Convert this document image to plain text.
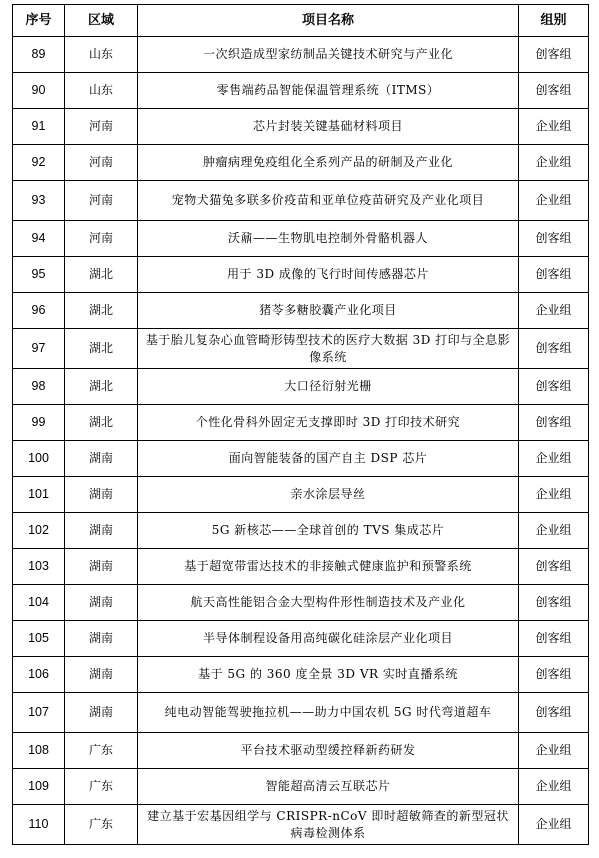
序号	区域	项目名称	组别
89	山东	一次织造成型家纺制品关键技术研究与产业化	创客组
90	山东	零售端药品智能保温管理系统（ITMS）	创客组
91	河南	芯片封装关键基础材料项目	企业组
92	河南	肿瘤病理免疫组化全系列产品的研制及产业化	企业组
93	河南	宠物犬猫兔多联多价疫苗和亚单位疫苗研究及产业化项目	企业组
94	河南	沃鼐——生物肌电控制外骨骼机器人	创客组
95	湖北	用于 3D 成像的飞行时间传感器芯片	创客组
96	湖北	猪苓多糖胶囊产业化项目	企业组
97	湖北	基于胎儿复杂心血管畸形铸型技术的医疗大数据 3D 打印与全息影像系统	创客组
98	湖北	大口径衍射光栅	创客组
99	湖北	个性化骨科外固定无支撑即时 3D 打印技术研究	创客组
100	湖南	面向智能装备的国产自主 DSP 芯片	企业组
101	湖南	亲水涂层导丝	企业组
102	湖南	5G 新核芯——全球首创的 TVS 集成芯片	企业组
103	湖南	基于超宽带雷达技术的非接触式健康监护和预警系统	创客组
104	湖南	航天高性能铝合金大型构件形性制造技术及产业化	创客组
105	湖南	半导体制程设备用高纯碳化硅涂层产业化项目	创客组
106	湖南	基于 5G 的 360 度全景 3D VR 实时直播系统	创客组
107	湖南	纯电动智能驾驶拖拉机——助力中国农机 5G 时代弯道超车	创客组
108	广东	平台技术驱动型缓控释新药研发	企业组
109	广东	智能超高清云互联芯片	企业组
110	广东	建立基于宏基因组学与 CRISPR-nCoV 即时超敏筛查的新型冠状病毒检测体系	企业组
